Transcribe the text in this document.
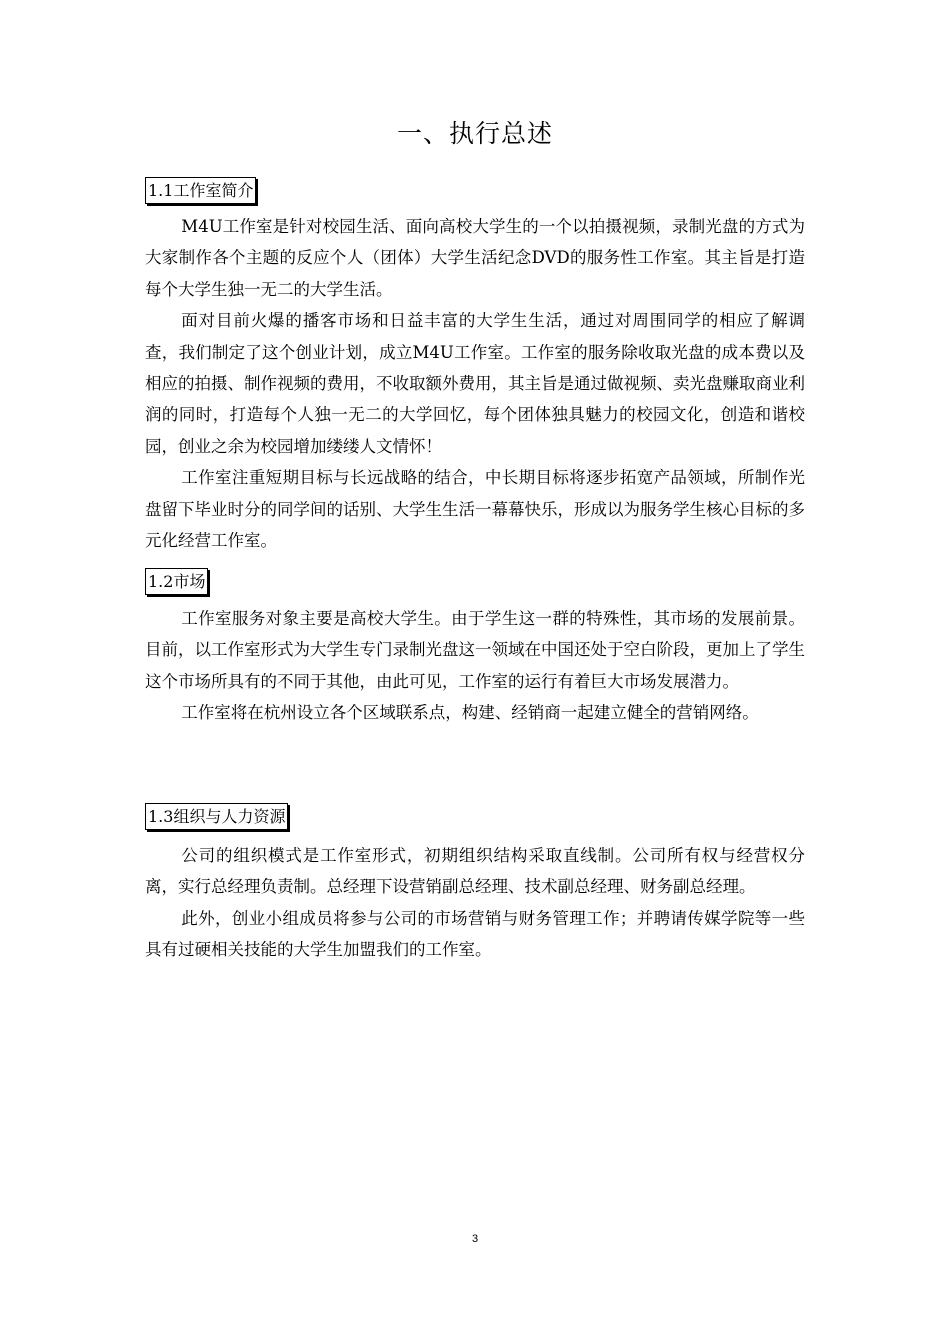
一、执行总述
1.1工作室简介

M4U工作室是针对校园生活、面向高校大学生的一个以拍摄视频，录制光盘的方式为大家制作各个主题的反应个人（团体）大学生活纪念DVD的服务性工作室。其主旨是打造每个大学生独一无二的大学生活。

面对目前火爆的播客市场和日益丰富的大学生生活，通过对周围同学的相应了解调查，我们制定了这个创业计划，成立M4U工作室。工作室的服务除收取光盘的成本费以及相应的拍摄、制作视频的费用，不收取额外费用，其主旨是通过做视频、卖光盘赚取商业利润的同时，打造每个人独一无二的大学回忆，每个团体独具魅力的校园文化，创造和谐校园，创业之余为校园增加缕缕人文情怀！

工作室注重短期目标与长远战略的结合，中长期目标将逐步拓宽产品领域，所制作光盘留下毕业时分的同学间的话别、大学生生活一幕幕快乐，形成以为服务学生核心目标的多元化经营工作室。

1.2市场

工作室服务对象主要是高校大学生。由于学生这一群的特殊性，其市场的发展前景。目前，以工作室形式为大学生专门录制光盘这一领域在中国还处于空白阶段，更加上了学生这个市场所具有的不同于其他，由此可见，工作室的运行有着巨大市场发展潜力。

工作室将在杭州设立各个区域联系点，构建、经销商一起建立健全的营销网络。

1.3组织与人力资源

公司的组织模式是工作室形式，初期组织结构采取直线制。公司所有权与经营权分离，实行总经理负责制。总经理下设营销副总经理、技术副总经理、财务副总经理。

此外，创业小组成员将参与公司的市场营销与财务管理工作；并聘请传媒学院等一些具有过硬相关技能的大学生加盟我们的工作室。

3
